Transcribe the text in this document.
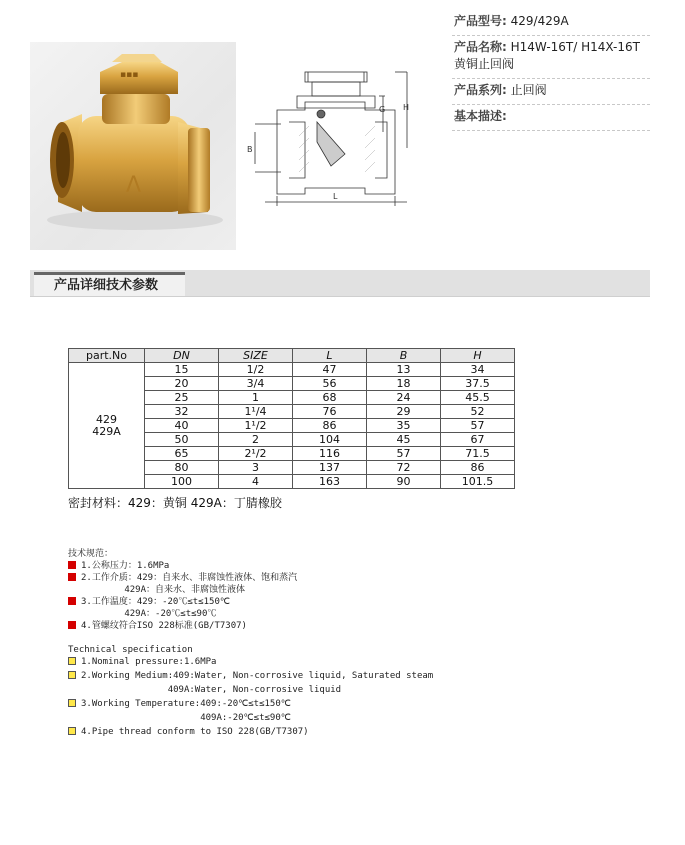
▪▪▪
Λ
H
G
B
L
产品型号: 429/429A
产品名称: H14W-16T/ H14X-16T
黄铜止回阀
产品系列: 止回阀
基本描述:
产品详细技术参数
part.No	DN	SIZE	L	B	H

429
429A	15	1/2	47	13	34
	20	3/4	56	18	37.5
	25	1	68	24	45.5
	32	1¹/4	76	29	52
	40	1¹/2	86	35	57
	50	2	104	45	67
	65	2¹/2	116	57	71.5
	80	3	137	72	86
	100	4	163	90	101.5
密封材料：429：黄铜 429A：丁腈橡胶
技术规范：
Technical specification
1.公称压力：1.6MPa
2.工作介质：429：自来水、非腐蚀性液体、饱和蒸汽
429A：自来水、非腐蚀性液体
3.工作温度：429：-20℃≤t≤150℃
429A：-20℃≤t≤90℃
4.管螺纹符合ISO 228标准(GB/T7307)
1.Nominal pressure:1.6MPa
2.Working Medium:409:Water, Non-corrosive liquid, Saturated steam
409A:Water, Non-corrosive liquid
3.Working Temperature:409:-20℃≤t≤150℃
409A:-20℃≤t≤90℃
4.Pipe thread conform to ISO 228(GB/T7307)
